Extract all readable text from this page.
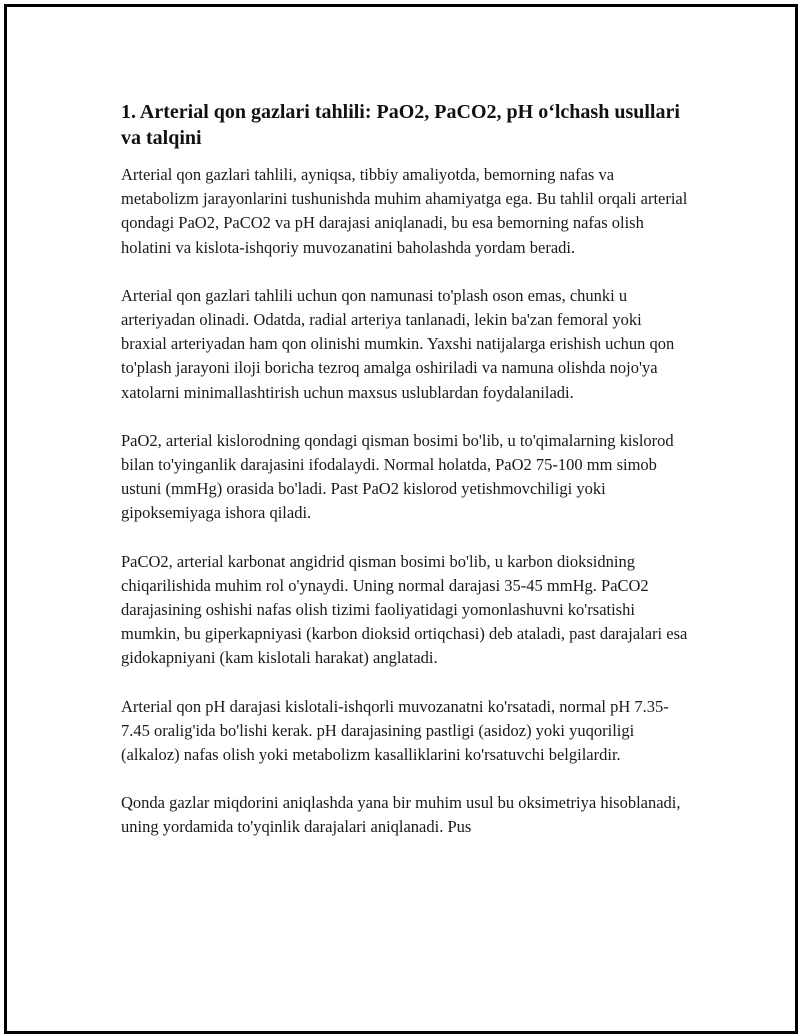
1. Arterial qon gazlari tahlili: PaO2, PaCO2, pH o‘lchash usullari va talqini

Arterial qon gazlari tahlili, ayniqsa, tibbiy amaliyotda, bemorning nafas va metabolizm jarayonlarini tushunishda muhim ahamiyatga ega. Bu tahlil orqali arterial qondagi PaO2, PaCO2 va pH darajasi aniqlanadi, bu esa bemorning nafas olish holatini va kislota-ishqoriy muvozanatini baholashda yordam beradi.

Arterial qon gazlari tahlili uchun qon namunasi to'plash oson emas, chunki u arteriyadan olinadi. Odatda, radial arteriya tanlanadi, lekin ba'zan femoral yoki braxial arteriyadan ham qon olinishi mumkin. Yaxshi natijalarga erishish uchun qon to'plash jarayoni iloji boricha tezroq amalga oshiriladi va namuna olishda nojo'ya xatolarni minimallashtirish uchun maxsus uslublardan foydalaniladi.

PaO2, arterial kislorodning qondagi qisman bosimi bo'lib, u to'qimalarning kislorod bilan to'yinganlik darajasini ifodalaydi. Normal holatda, PaO2 75-100 mm simob ustuni (mmHg) orasida bo'ladi. Past PaO2 kislorod yetishmovchiligi yoki gipoksemiyaga ishora qiladi.

PaCO2, arterial karbonat angidrid qisman bosimi bo'lib, u karbon dioksidning chiqarilishida muhim rol o'ynaydi. Uning normal darajasi 35-45 mmHg. PaCO2 darajasining oshishi nafas olish tizimi faoliyatidagi yomonlashuvni ko'rsatishi mumkin, bu giperkapniyasi (karbon dioksid ortiqchasi) deb ataladi, past darajalari esa gidokapniyani (kam kislotali harakat) anglatadi.

Arterial qon pH darajasi kislotali-ishqorli muvozanatni ko'rsatadi, normal pH 7.35-7.45 oralig'ida bo'lishi kerak. pH darajasining pastligi (asidoz) yoki yuqoriligi (alkaloz) nafas olish yoki metabolizm kasalliklarini ko'rsatuvchi belgilardir.

Qonda gazlar miqdorini aniqlashda yana bir muhim usul bu oksimetriya hisoblanadi, uning yordamida to'yqinlik darajalari aniqlanadi. Pus
